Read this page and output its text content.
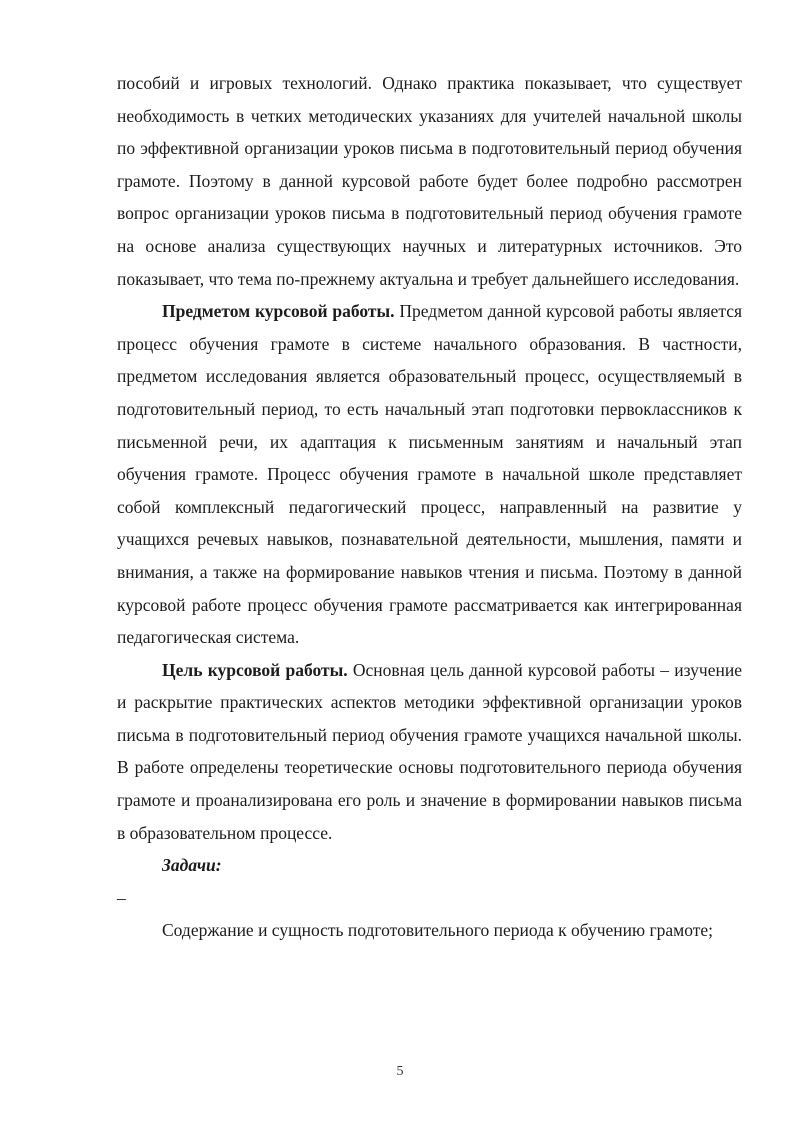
пособий и игровых технологий. Однако практика показывает, что существует необходимость в четких методических указаниях для учителей начальной школы по эффективной организации уроков письма в подготовительный период обучения грамоте. Поэтому в данной курсовой работе будет более подробно рассмотрен вопрос организации уроков письма в подготовительный период обучения грамоте на основе анализа существующих научных и литературных источников. Это показывает, что тема по-прежнему актуальна и требует дальнейшего исследования.

Предметом курсовой работы. Предметом данной курсовой работы является процесс обучения грамоте в системе начального образования. В частности, предметом исследования является образовательный процесс, осуществляемый в подготовительный период, то есть начальный этап подготовки первоклассников к письменной речи, их адаптация к письменным занятиям и начальный этап обучения грамоте. Процесс обучения грамоте в начальной школе представляет собой комплексный педагогический процесс, направленный на развитие у учащихся речевых навыков, познавательной деятельности, мышления, памяти и внимания, а также на формирование навыков чтения и письма. Поэтому в данной курсовой работе процесс обучения грамоте рассматривается как интегрированная педагогическая система.

Цель курсовой работы. Основная цель данной курсовой работы – изучение и раскрытие практических аспектов методики эффективной организации уроков письма в подготовительный период обучения грамоте учащихся начальной школы. В работе определены теоретические основы подготовительного периода обучения грамоте и проанализирована его роль и значение в формировании навыков письма в образовательном процессе.

Задачи:

–

Содержание и сущность подготовительного периода к обучению грамоте;

5
